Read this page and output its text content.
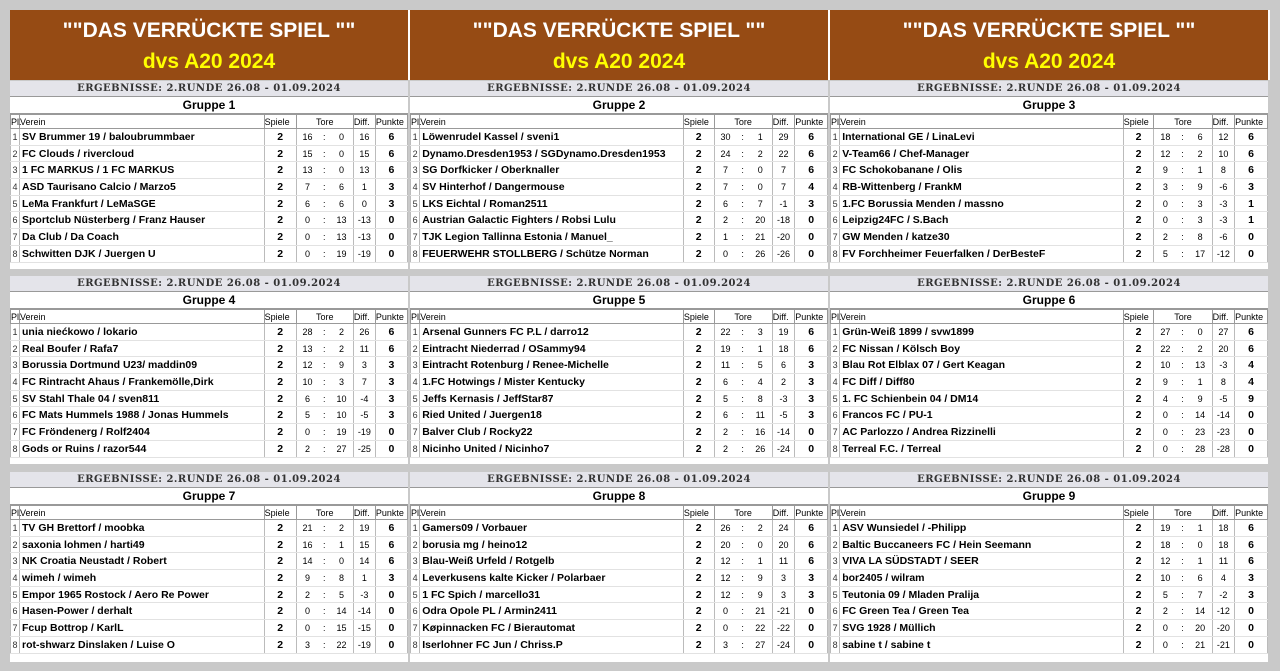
""DAS VERRÜCKTE SPIEL ""
dvs A20 2024
""DAS VERRÜCKTE SPIEL ""
dvs A20 2024
""DAS VERRÜCKTE SPIEL ""
dvs A20 2024
ERGEBNISSE: 2.RUNDE 26.08 - 01.09.2024
Gruppe 1
Pl.	Verein	Spiele	Tore			Diff.	Punkte
1	SV Brummer 19 / baloubrummbaer	2	16	:	0	16	6
2	FC Clouds / rivercloud	2	15	:	0	15	6
3	1 FC MARKUS / 1 FC MARKUS	2	13	:	0	13	6
4	ASD Taurisano Calcio / Marzo5	2	7	:	6	1	3
5	LeMa Frankfurt / LeMaSGE	2	6	:	6	0	3
6	Sportclub Nüsterberg / Franz Hauser	2	0	:	13	-13	0
7	Da Club / Da Coach	2	0	:	13	-13	0
8	Schwitten DJK / Juergen U	2	0	:	19	-19	0
ERGEBNISSE: 2.RUNDE 26.08 - 01.09.2024
Gruppe 2
Pl.	Verein	Spiele	Tore			Diff.	Punkte
1	Löwenrudel Kassel / sveni1	2	30	:	1	29	6
2	Dynamo.Dresden1953 / SGDynamo.Dresden1953	2	24	:	2	22	6
3	SG Dorfkicker / Oberknaller	2	7	:	0	7	6
4	SV Hinterhof / Dangermouse	2	7	:	0	7	4
5	LKS Eichtal / Roman2511	2	6	:	7	-1	3
6	Austrian Galactic Fighters / Robsi Lulu	2	2	:	20	-18	0
7	TJK Legion Tallinna Estonia / Manuel_	2	1	:	21	-20	0
8	FEUERWEHR STOLLBERG / Schütze Norman	2	0	:	26	-26	0
ERGEBNISSE: 2.RUNDE 26.08 - 01.09.2024
Gruppe 3
Pl.	Verein	Spiele	Tore			Diff.	Punkte
1	International GE / LinaLevi	2	18	:	6	12	6
2	V-Team66 / Chef-Manager	2	12	:	2	10	6
3	FC Schokobanane / Olis	2	9	:	1	8	6
4	RB-Wittenberg / FrankM	2	3	:	9	-6	3
5	1.FC Borussia Menden / massno	2	0	:	3	-3	1
6	Leipzig24FC / S.Bach	2	0	:	3	-3	1
7	GW Menden / katze30	2	2	:	8	-6	0
8	FV Forchheimer Feuerfalken / DerBesteF	2	5	:	17	-12	0
ERGEBNISSE: 2.RUNDE 26.08 - 01.09.2024
Gruppe 4
Pl.	Verein	Spiele	Tore			Diff.	Punkte
1	unia niećkowo / lokario	2	28	:	2	26	6
2	Real Boufer / Rafa7	2	13	:	2	11	6
3	Borussia Dortmund U23/ maddin09	2	12	:	9	3	3
4	FC Rintracht Ahaus / Frankemölle,Dirk	2	10	:	3	7	3
5	SV Stahl Thale 04 / sven811	2	6	:	10	-4	3
6	FC Mats Hummels 1988 / Jonas Hummels	2	5	:	10	-5	3
7	FC Fröndenerg / Rolf2404	2	0	:	19	-19	0
8	Gods or Ruins / razor544	2	2	:	27	-25	0
ERGEBNISSE: 2.RUNDE 26.08 - 01.09.2024
Gruppe 5
Pl.	Verein	Spiele	Tore			Diff.	Punkte
1	Arsenal Gunners FC P.L / darro12	2	22	:	3	19	6
2	Eintracht Niederrad / OSammy94	2	19	:	1	18	6
3	Eintracht Rotenburg / Renee-Michelle	2	11	:	5	6	3
4	1.FC Hotwings / Mister Kentucky	2	6	:	4	2	3
5	Jeffs Kernasis / JeffStar87	2	5	:	8	-3	3
6	Ried United / Juergen18	2	6	:	11	-5	3
7	Balver Club / Rocky22	2	2	:	16	-14	0
8	Nicinho United / Nicinho7	2	2	:	26	-24	0
ERGEBNISSE: 2.RUNDE 26.08 - 01.09.2024
Gruppe 6
Pl.	Verein	Spiele	Tore			Diff.	Punkte
1	Grün-Weiß 1899 / svw1899	2	27	:	0	27	6
2	FC Nissan / Kölsch Boy	2	22	:	2	20	6
3	Blau Rot Elblax 07 / Gert Keagan	2	10	:	13	-3	4
4	FC Diff / Diff80	2	9	:	1	8	4
5	1. FC Schienbein 04 / DM14	2	4	:	9	-5	9
6	Francos FC / PU-1	2	0	:	14	-14	0
7	AC Parlozzo / Andrea Rizzinelli	2	0	:	23	-23	0
8	Terreal F.C. / Terreal	2	0	:	28	-28	0
ERGEBNISSE: 2.RUNDE 26.08 - 01.09.2024
Gruppe 7
Pl.	Verein	Spiele	Tore			Diff.	Punkte
1	TV GH Brettorf / moobka	2	21	:	2	19	6
2	saxonia lohmen / harti49	2	16	:	1	15	6
3	NK Croatia Neustadt / Robert	2	14	:	0	14	6
4	wimeh / wimeh	2	9	:	8	1	3
5	Empor 1965 Rostock / Aero Re Power	2	2	:	5	-3	0
6	Hasen-Power / derhalt	2	0	:	14	-14	0
7	Fcup Bottrop / KarlL	2	0	:	15	-15	0
8	rot-shwarz Dinslaken / Luise O	2	3	:	22	-19	0
ERGEBNISSE: 2.RUNDE 26.08 - 01.09.2024
Gruppe 8
Pl.	Verein	Spiele	Tore			Diff.	Punkte
1	Gamers09 / Vorbauer	2	26	:	2	24	6
2	borusia mg / heino12	2	20	:	0	20	6
3	Blau-Weiß Urfeld / Rotgelb	2	12	:	1	11	6
4	Leverkusens kalte Kicker / Polarbaer	2	12	:	9	3	3
5	1 FC Spich / marcello31	2	12	:	9	3	3
6	Odra Opole PL / Armin2411	2	0	:	21	-21	0
7	Køpinnacken FC / Bierautomat	2	0	:	22	-22	0
8	Iserlohner FC Jun / Chriss.P	2	3	:	27	-24	0
ERGEBNISSE: 2.RUNDE 26.08 - 01.09.2024
Gruppe 9
Pl.	Verein	Spiele	Tore			Diff.	Punkte
1	ASV Wunsiedel / -Philipp	2	19	:	1	18	6
2	Baltic Buccaneers FC / Hein Seemann	2	18	:	0	18	6
3	VIVA LA SÜDSTADT / SEER	2	12	:	1	11	6
4	bor2405 / wilram	2	10	:	6	4	3
5	Teutonia 09 / Mladen Pralija	2	5	:	7	-2	3
6	FC Green Tea / Green Tea	2	2	:	14	-12	0
7	SVG 1928 / Müllich	2	0	:	20	-20	0
8	sabine t / sabine t	2	0	:	21	-21	0
